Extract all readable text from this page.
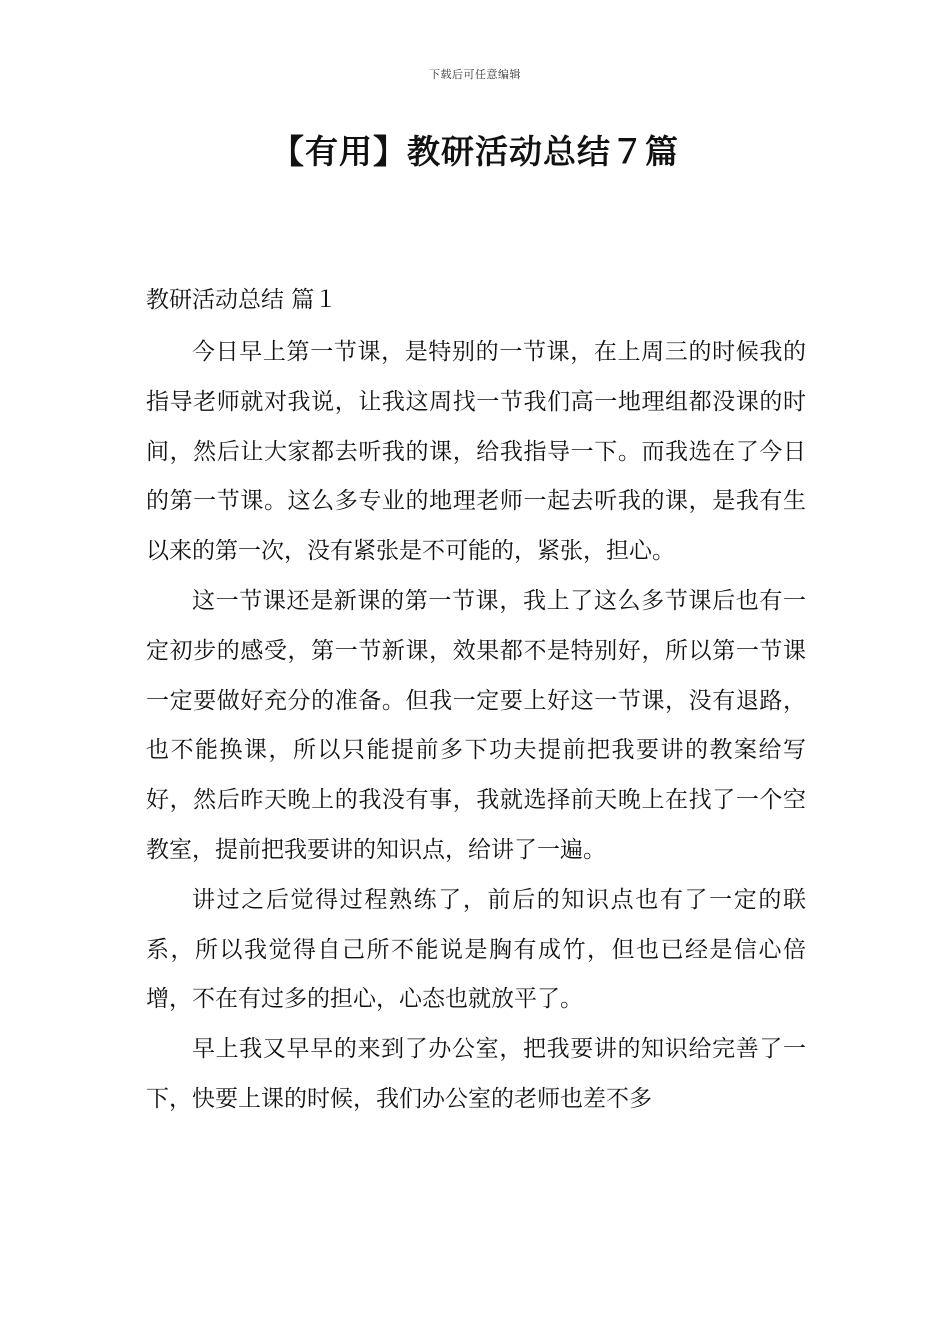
下载后可任意编辑
【有用】教研活动总结７篇
教研活动总结 篇１

今日早上第一节课，是特别的一节课，在上周三的时候我的指导老师就对我说，让我这周找一节我们高一地理组都没课的时间，然后让大家都去听我的课，给我指导一下。而我选在了今日的第一节课。这么多专业的地理老师一起去听我的课，是我有生以来的第一次，没有紧张是不可能的，紧张，担心。

这一节课还是新课的第一节课，我上了这么多节课后也有一定初步的感受，第一节新课，效果都不是特别好，所以第一节课一定要做好充分的准备。但我一定要上好这一节课，没有退路，也不能换课，所以只能提前多下功夫提前把我要讲的教案给写好，然后昨天晚上的我没有事，我就选择前天晚上在找了一个空教室，提前把我要讲的知识点，给讲了一遍。

讲过之后觉得过程熟练了，前后的知识点也有了一定的联系，所以我觉得自己所不能说是胸有成竹，但也已经是信心倍增，不在有过多的担心，心态也就放平了。

早上我又早早的来到了办公室，把我要讲的知识给完善了一下，快要上课的时候，我们办公室的老师也差不多
